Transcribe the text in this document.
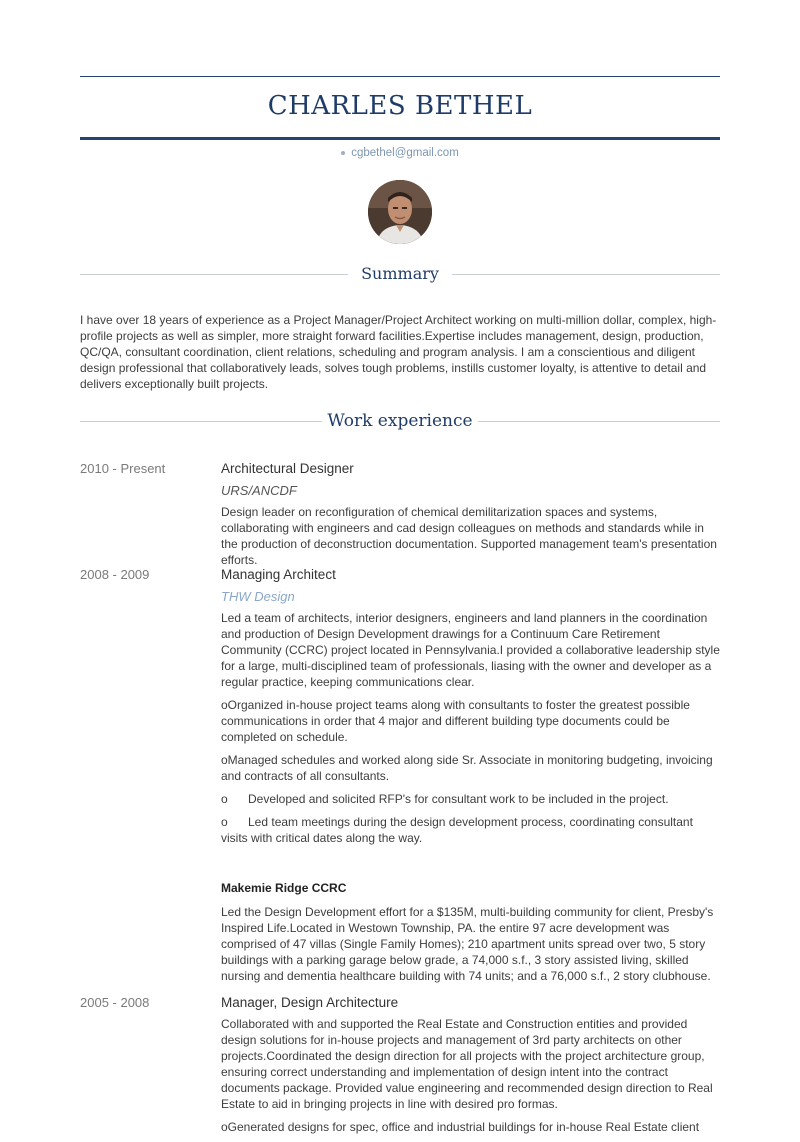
CHARLES BETHEL
cgbethel@gmail.com
Summary
I have over 18 years of experience as a Project Manager/Project Architect working on multi-million dollar, complex, high-profile projects as well as simpler, more straight forward facilities.Expertise includes management, design, production, QC/QA, consultant coordination, client relations, scheduling and program analysis. I am a conscientious and diligent design professional that collaboratively leads, solves tough problems, instills customer loyalty, is attentive to detail and delivers exceptionally built projects.
Work experience
2010 - Present	Architectural Designer
URS/ANCDF

Design leader on reconfiguration of chemical demilitarization spaces and systems, collaborating with engineers and cad design colleagues on methods and standards while in the production of deconstruction documentation. Supported management team's presentation efforts.

2008 - 2009	Managing Architect
THW Design

Led a team of architects, interior designers, engineers and land planners in the coordination and production of Design Development drawings for a Continuum Care Retirement Community (CCRC) project located in Pennsylvania.I provided a collaborative leadership style for a large, multi-disciplined team of professionals, liasing with the owner and developer as a regular practice, keeping communications clear.

oOrganized in-house project teams along with consultants to foster the greatest possible communications in order that 4 major and different building type documents could be completed on schedule.

oManaged schedules and worked along side Sr. Associate in monitoring budgeting, invoicing and contracts of all consultants.

o Developed and solicited RFP's for consultant work to be included in the project.

o Led team meetings during the design development process, coordinating consultant visits with critical dates along the way.

Makemie Ridge CCRC

Led the Design Development effort for a $135M, multi-building community for client, Presby's Inspired Life.Located in Westown Township, PA. the entire 97 acre development was comprised of 47 villas (Single Family Homes); 210 apartment units spread over two, 5 story buildings with a parking garage below grade, a 74,000 s.f., 3 story assisted living, skilled nursing and dementia healthcare building with 74 units; and a 76,000 s.f., 2 story clubhouse.

2005 - 2008	Manager, Design Architecture

Collaborated with and supported the Real Estate and Construction entities and provided design solutions for in-house projects and management of 3rd party architects on other projects.Coordinated the design direction for all projects with the project architecture group, ensuring correct understanding and implementation of design intent into the contract documents package. Provided value engineering and recommended design direction to Real Estate to aid in bringing projects in line with desired pro formas.

oGenerated designs for spec, office and industrial buildings for in-house Real Estate client
